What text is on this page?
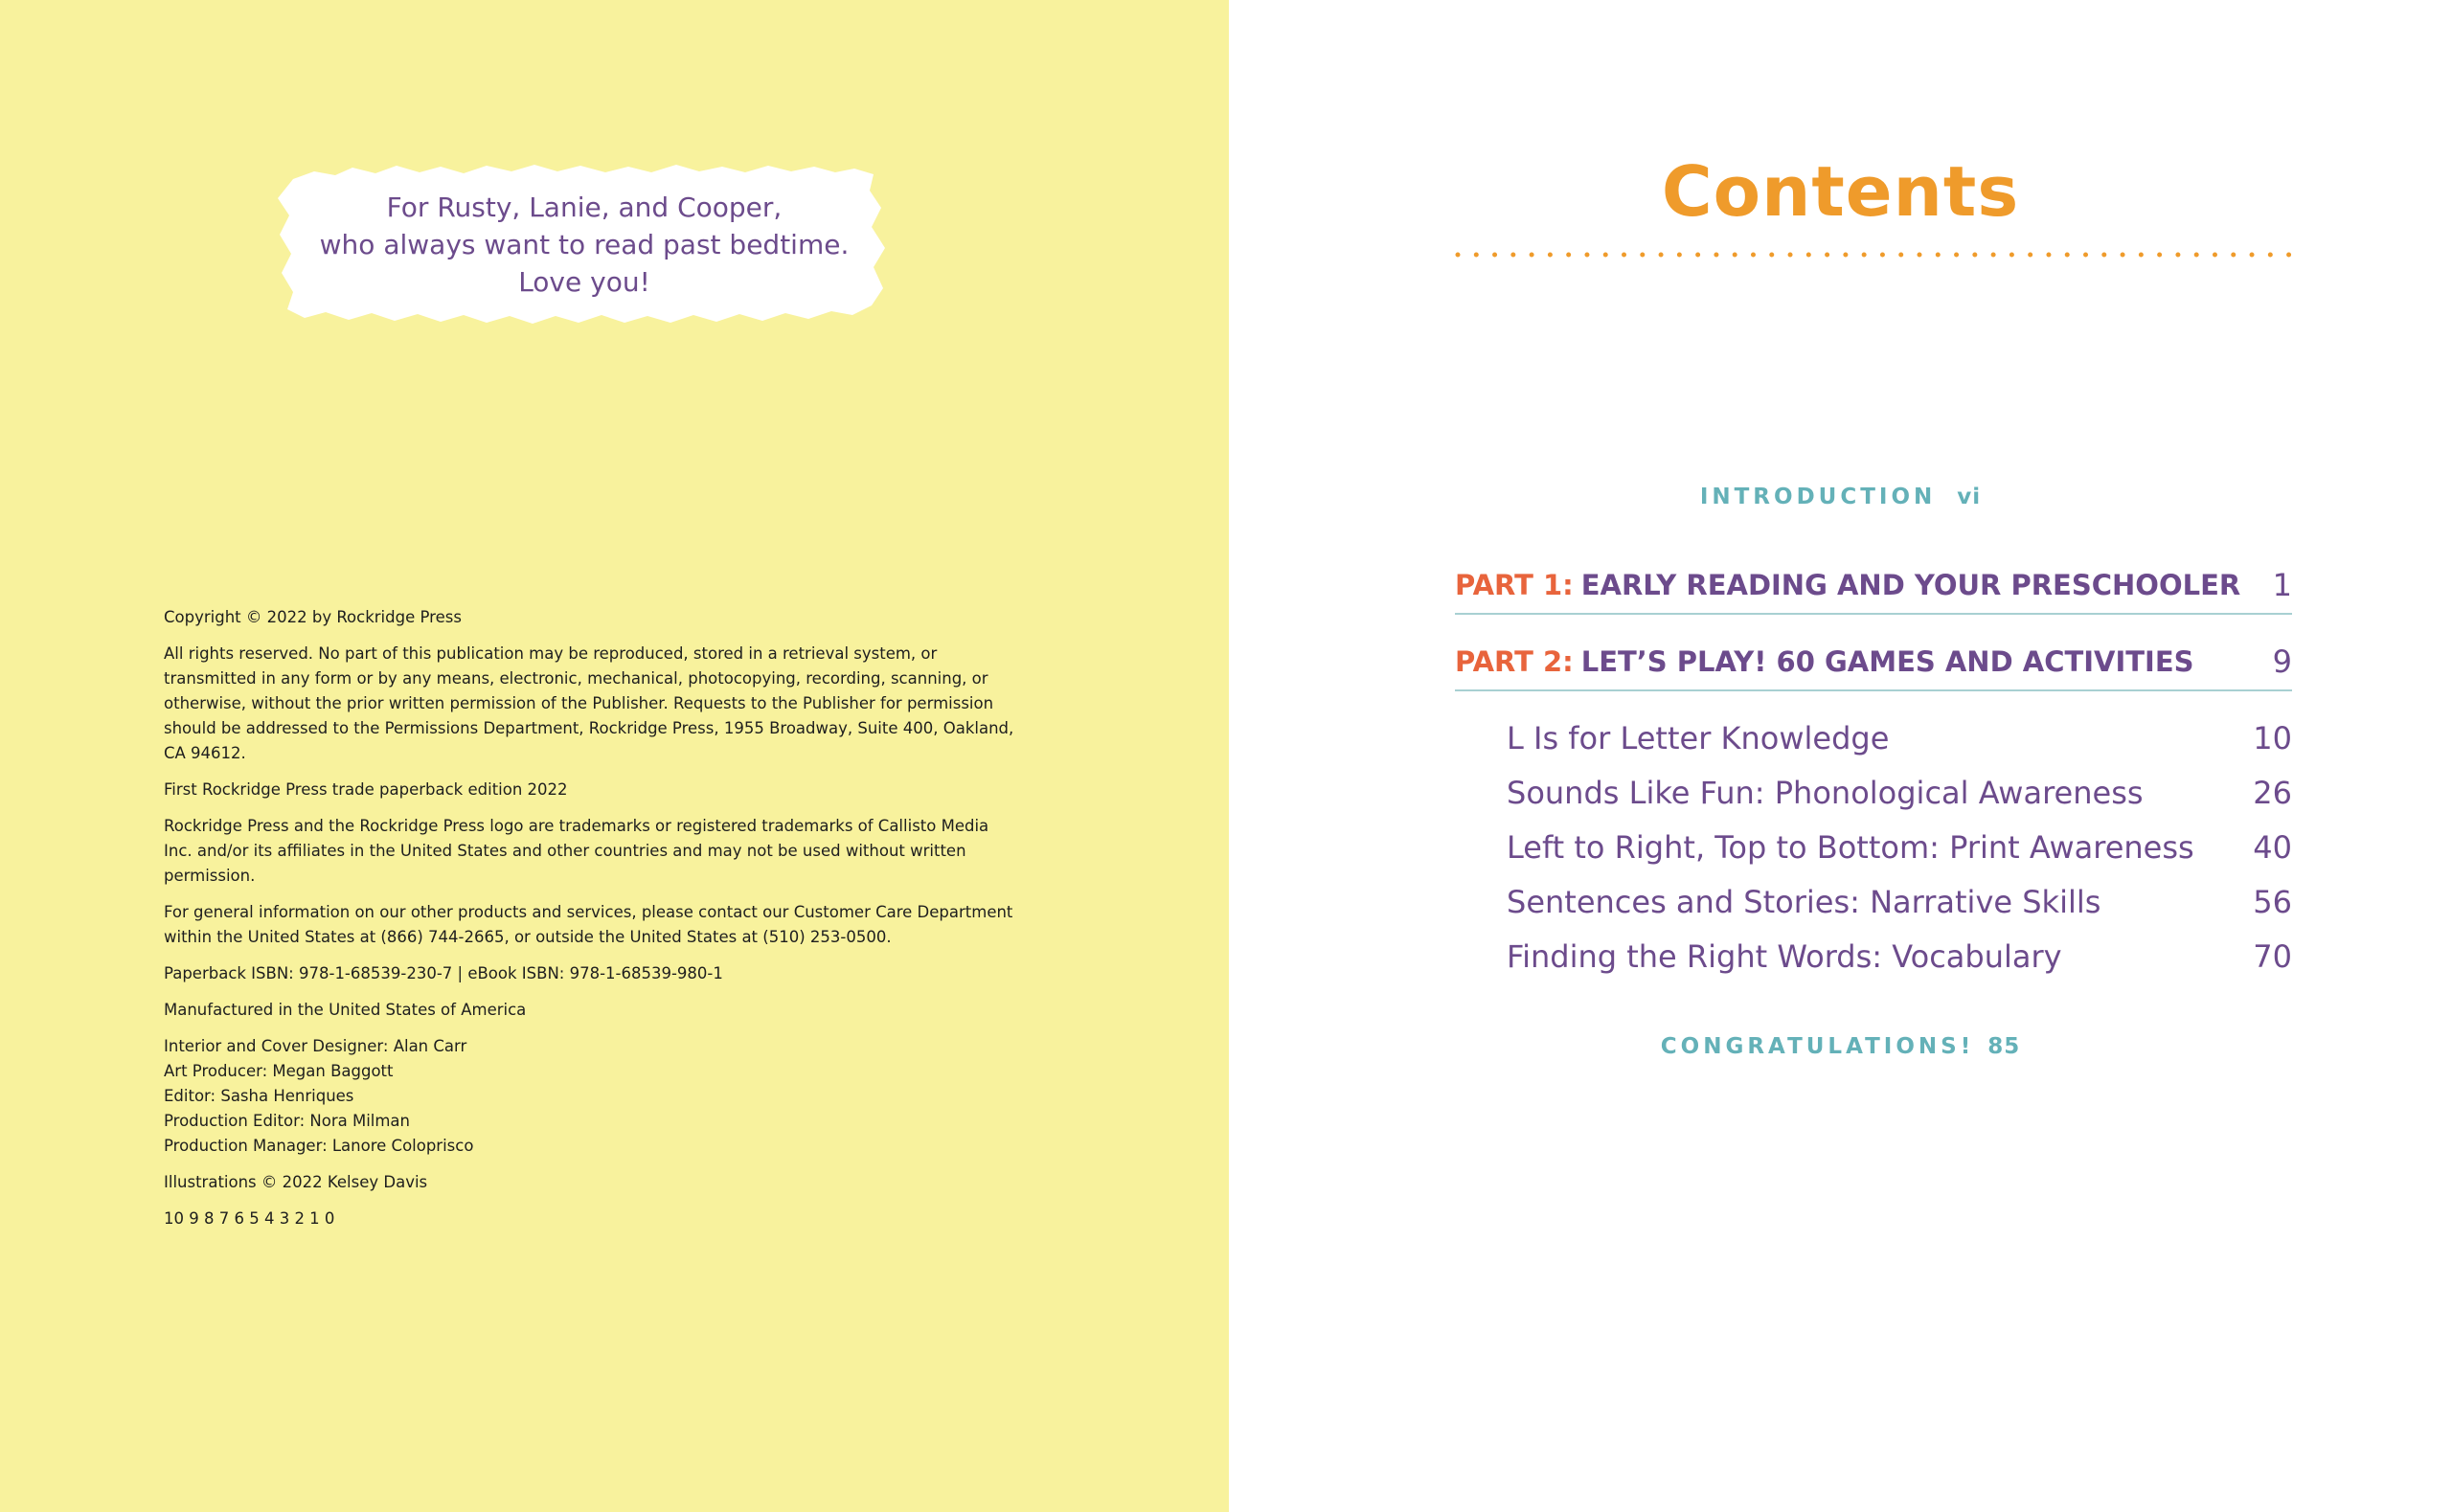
For Rusty, Lanie, and Cooper,
who always want to read past bedtime.
Love you!

Copyright © 2022 by Rockridge Press

All rights reserved. No part of this publication may be reproduced, stored in a retrieval system, or transmitted in any form or by any means, electronic, mechanical, photocopying, recording, scanning, or otherwise, without the prior written permission of the Publisher. Requests to the Publisher for permission should be addressed to the Permissions Department, Rockridge Press, 1955 Broadway, Suite 400, Oakland, CA 94612.

First Rockridge Press trade paperback edition 2022

Rockridge Press and the Rockridge Press logo are trademarks or registered trademarks of Callisto Media Inc. and/or its affiliates in the United States and other countries and may not be used without written permission.

For general information on our other products and services, please contact our Customer Care Department within the United States at (866) 744-2665, or outside the United States at (510) 253-0500.

Paperback ISBN: 978-1-68539-230-7 | eBook ISBN: 978-1-68539-980-1

Manufactured in the United States of America

Interior and Cover Designer: Alan Carr
Art Producer: Megan Baggott
Editor: Sasha Henriques
Production Editor: Nora Milman
Production Manager: Lanore Coloprisco

Illustrations © 2022 Kelsey Davis

10 9 8 7 6 5 4 3 2 1 0

Contents
INTRODUCTION vi
PART 1: EARLY READING AND YOUR PRESCHOOLER 1
PART 2: LET’S PLAY! 60 GAMES AND ACTIVITIES	9
L Is for Letter Knowledge	10
Sounds Like Fun: Phonological Awareness	26
Left to Right, Top to Bottom: Print Awareness 40
Sentences and Stories: Narrative Skills	56
Finding the Right Words: Vocabulary	70
CONGRATULATIONS! 85
